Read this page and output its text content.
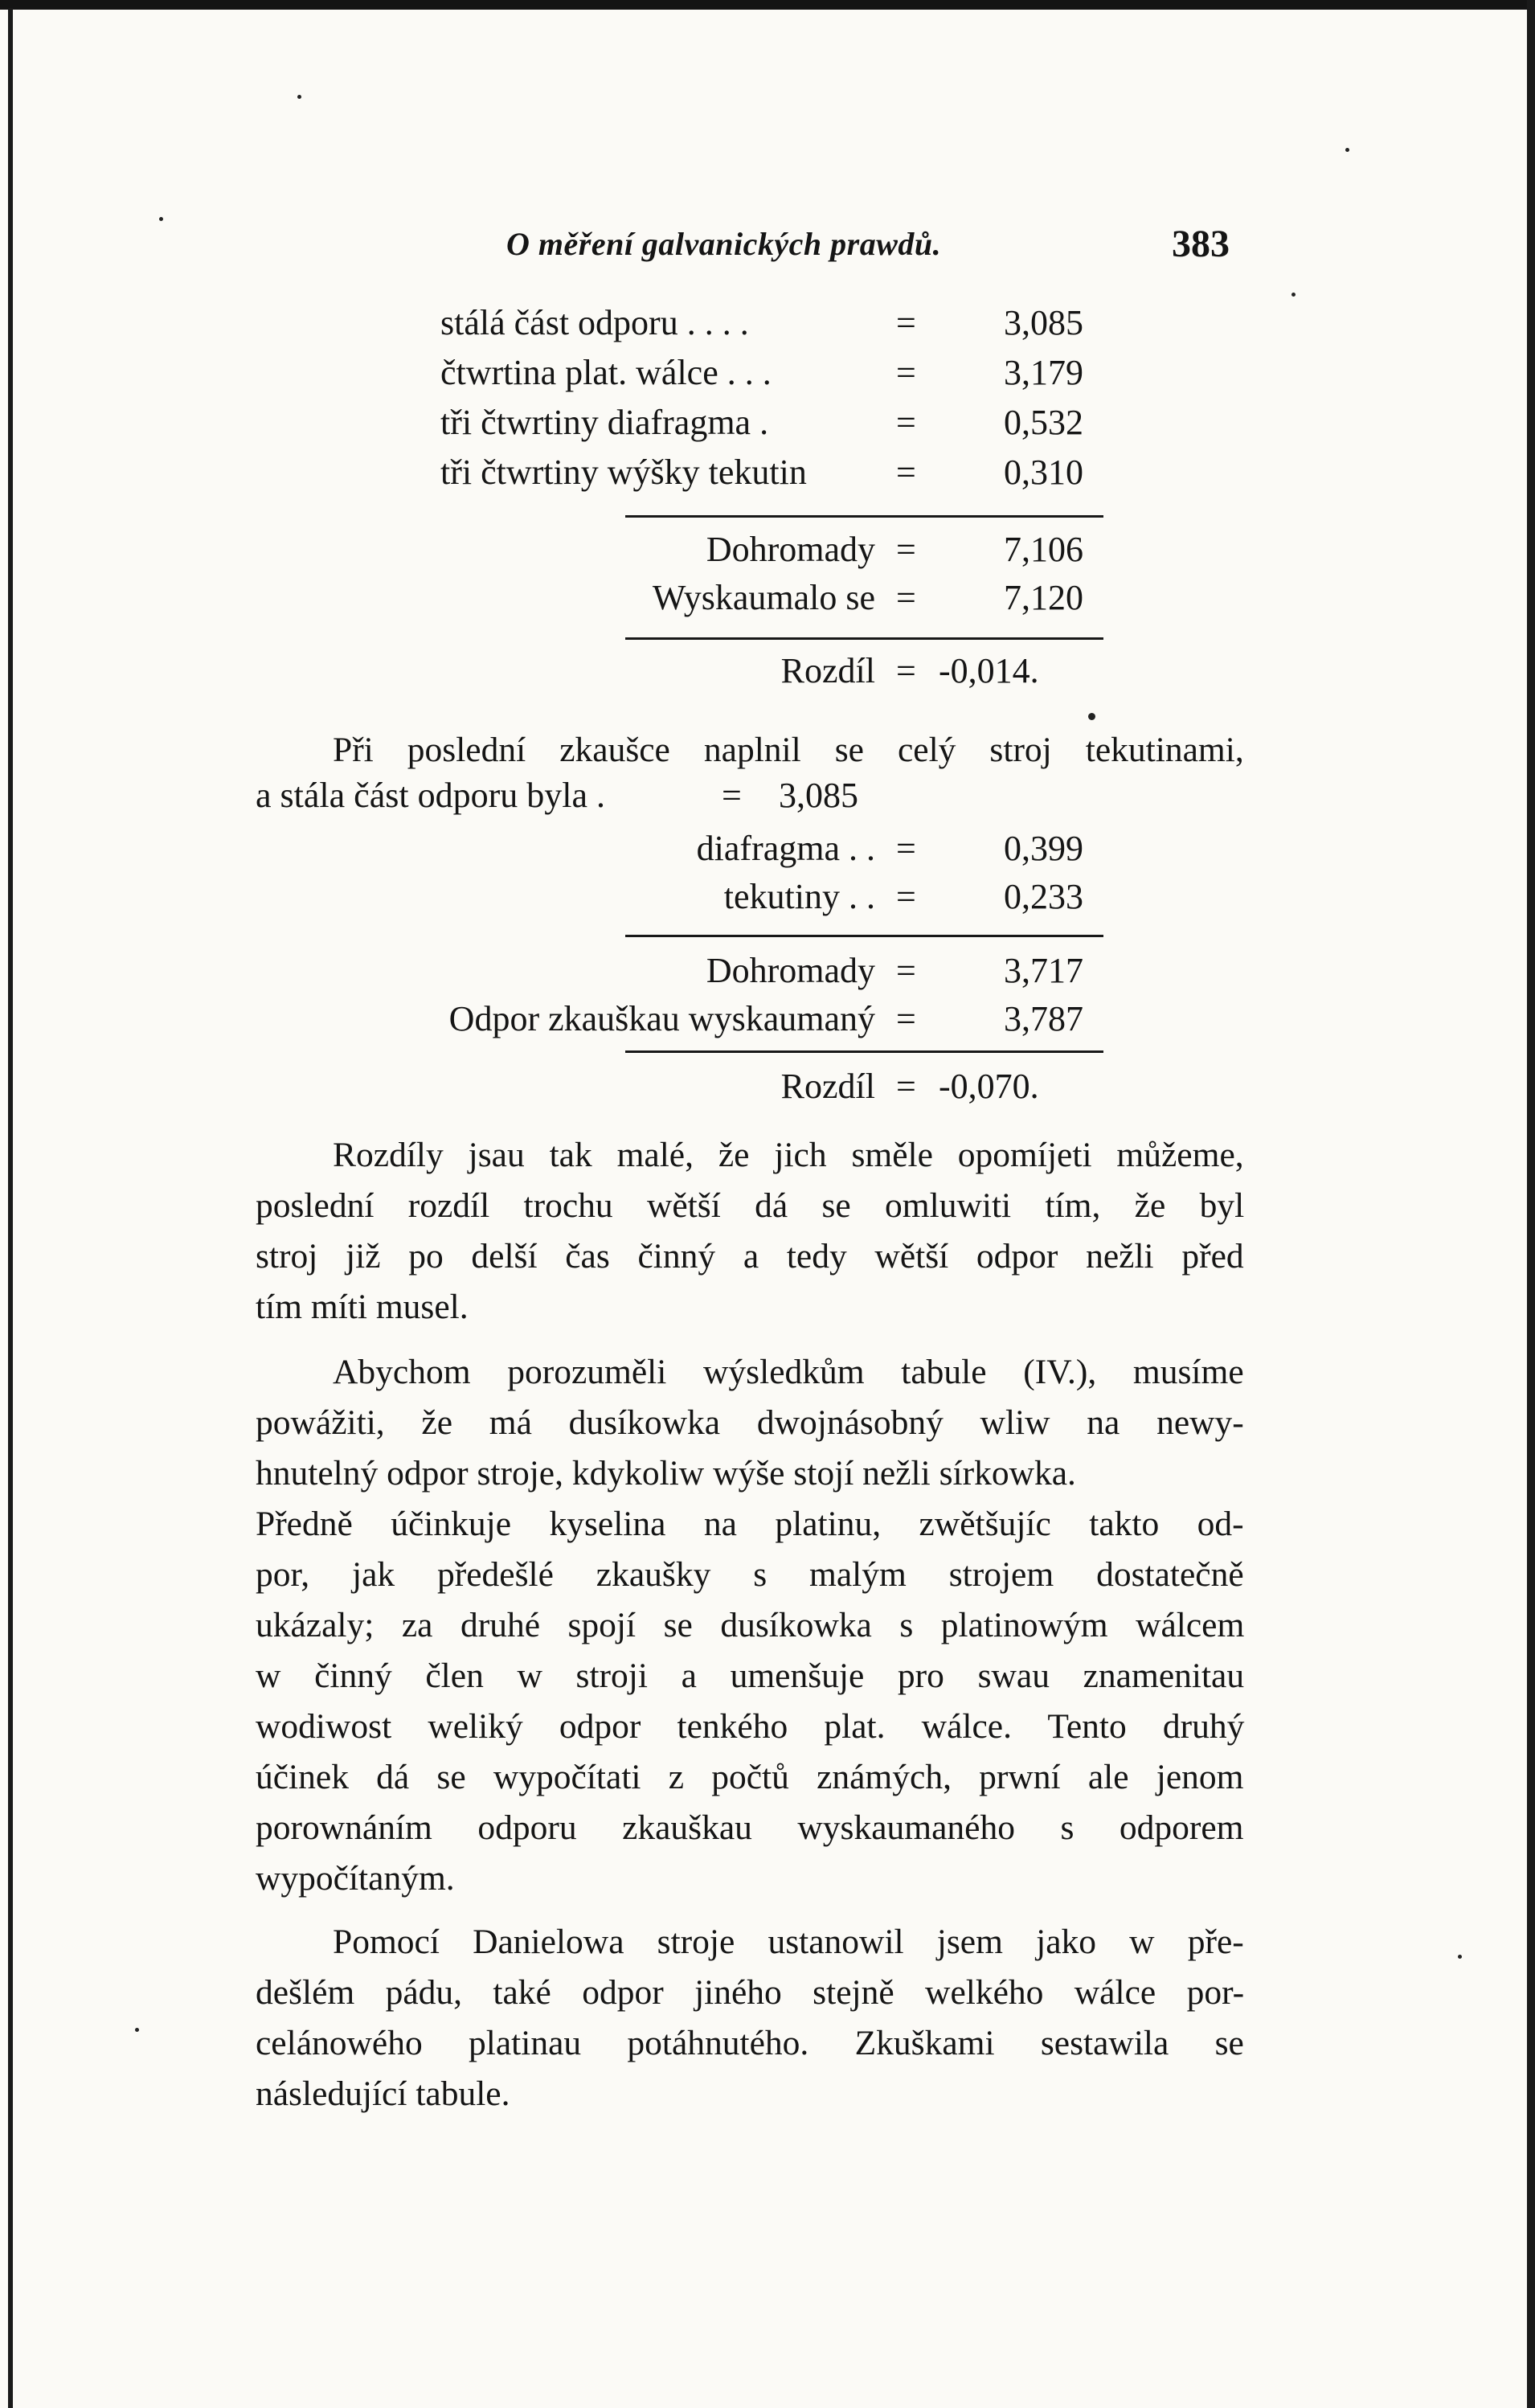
O měření galvanických prawdů.	383
stálá část odporu . . . .	=	3,085
čtwrtina plat. wálce . . .	=	3,179
tři čtwrtiny diafragma .	=	0,532
tři čtwrtiny wýšky tekutin	=	0,310
Dohromady =	7,106
Wyskaumalo se =	7,120
Rozdíl = -0,014.
Při poslední zkaušce naplnil se celý stroj tekutinami,
a stála část odporu byla .	=	3,085
diafragma . . =	0,399
tekutiny . . =	0,233
Dohromady =	3,717
Odpor zkauškau wyskaumaný =	3,787
Rozdíl = -0,070.
Rozdíly jsau tak malé, že jich směle opomíjeti můžeme,
poslední rozdíl trochu wětší dá se omluwiti tím, že byl
stroj již po delší čas činný a tedy wětší odpor nežli před
tím míti musel.
Abychom porozuměli wýsledkům tabule (IV.), musíme
powážiti, že má dusíkowka dwojnásobný wliw na newy-
hnutelný odpor stroje, kdykoliw wýše stojí nežli sírkowka.
Předně účinkuje kyselina na platinu, zwětšujíc takto od-
por, jak předešlé zkaušky s malým strojem dostatečně
ukázaly; za druhé spojí se dusíkowka s platinowým wálcem
w činný člen w stroji a umenšuje pro swau znamenitau
wodiwost weliký odpor tenkého plat. wálce. Tento druhý
účinek dá se wypočítati z počtů známých, prwní ale jenom
porownáním odporu zkauškau wyskaumaného s odporem
wypočítaným.
Pomocí Danielowa stroje ustanowil jsem jako w pře-
dešlém pádu, také odpor jiného stejně welkého wálce por-
celánowého platinau potáhnutého. Zkuškami sestawila se
následující tabule.
